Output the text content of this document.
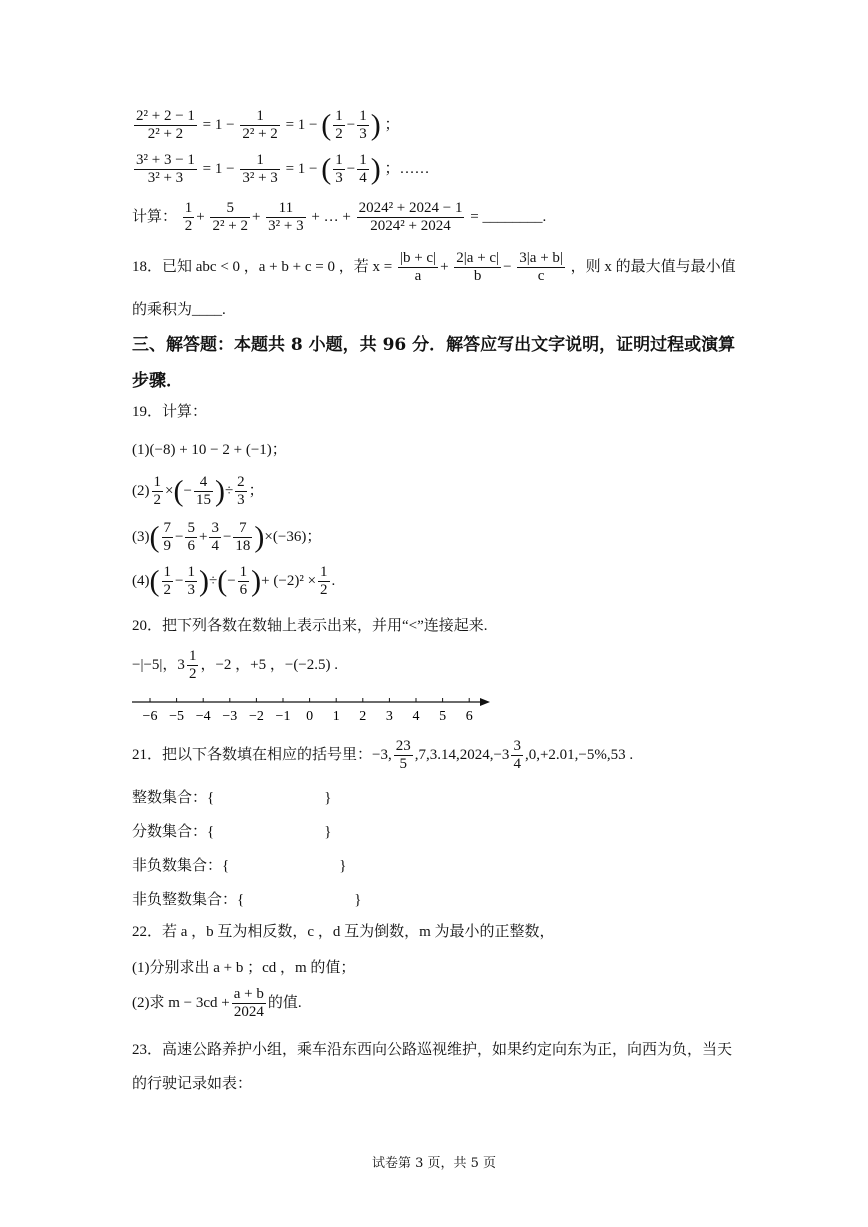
$\frac{\text{2² + 2 − 1}}{\text{2² + 2}} = 1 - \frac{1}{\text{2² + 2}} = 1$ − ( $\frac{1}{2} - \frac{1}{3}$ ) ；
$\frac{\text{3² + 3 − 1}}{\text{3² + 3}} = 1 - \frac{1}{\text{3² + 3}} = 1$ − ( $\frac{1}{3} - \frac{1}{4}$ ) ；……
计算： $\frac{1}{2} + \frac{5}{\text{2² + 2}} + \frac{11}{\text{3² + 3}}$ + … + $\frac{\text{2024² + 2024 − 1}}{\text{2024² + 2024}}$ = ________.
18．已知 abc < 0 ，a + b + c = 0 ，若 $x = \frac{|b + c|}{a} + \frac{2|a + c|}{b} - \frac{3|a + b|}{c}$ ，则 x 的最大值与最小值
的乘积为____.
三、解答题：本题共 8 小题，共 96 分．解答应写出文字说明，证明过程或演算
步骤．
19．计算：
(1)(−8) + 10 − 2 + (−1)；
$(2) \frac{1}{2}$ ×(− $\frac{4}{15}$ )÷ $\frac{2}{3}$ ；
$(3)( \frac{7}{9} - \frac{5}{6} + \frac{3}{4} - \frac{7}{18} )\times(-36)$；
$(4)( \frac{1}{2} - \frac{1}{3}$ )÷(− $\frac{1}{6}$ )+ $(-2)^2 \times \frac{1}{2}$ .
20．把下列各数在数轴上表示出来，并用“<”连接起来.
−|−5|，$3 \frac{1}{2}$ ，−2 ，+5 ，−(−2.5) .
−6 −5 −4 −3 −2 −1 0 1 2 3 4 5 6
21．把以下各数填在相应的括号里：−3, $\frac{23}{5} ,7,3.14,2024,-3 \frac{3}{4} ,0,+2.01,-5\%,53$ .
整数集合：{	}
分数集合：{	}
非负数集合：{	}
非负整数集合：{	}
22．若 a ，b 互为相反数，c ，d 互为倒数，m 为最小的正整数，
(1)分别求出 a + b ；cd ，m 的值；
(2)求 $m - 3cd + \frac{a + b}{2024}$ 的值.
23．高速公路养护小组，乘车沿东西向公路巡视维护，如果约定向东为正，向西为负，当天
的行驶记录如表：
试卷第 3 页，共 5 页
